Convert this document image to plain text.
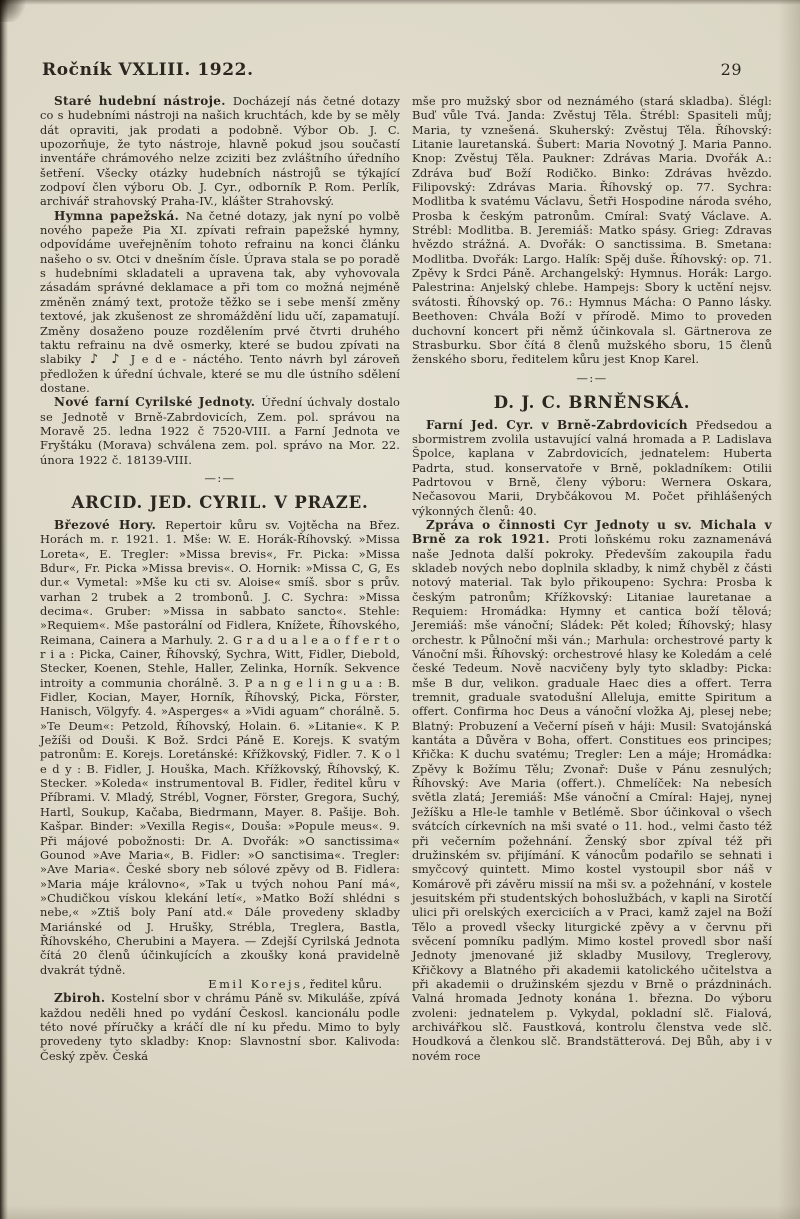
Ročník VXLIII. 1922.	29

Staré hudební nástroje. Docházejí nás četné dotazy co s hudebními nástroji na našich kruchtách, kde by se měly dát opraviti, jak prodati a podobně. Výbor Ob. J. C. upozorňuje, že tyto nástroje, hlavně pokud jsou součastí inventáře chrámového nelze zciziti bez zvláštního úředního šetření. Všecky otázky hudebních nástrojů se týkající zodpoví člen výboru Ob. J. Cyr., odborník P. Rom. Perlík, archivář strahovský Praha-IV., klášter Strahovský.

Hymna papežská. Na četné dotazy, jak nyní po volbě nového papeže Pia XI. zpívati refrain papežské hymny, odpovídáme uveřejněním tohoto refrainu na konci článku našeho o sv. Otci v dnešním čísle. Úprava stala se po poradě s hudebními skladateli a upravena tak, aby vyhovovala zásadám správné deklamace a při tom co možná nejméně změněn známý text, protože těžko se i sebe menší změny textové, jak zkušenost ze shromáždění lidu učí, zapamatují. Změny dosaženo pouze rozdělením prvé čtvrti druhého taktu refrainu na dvě osmerky, které se budou zpívati na slabiky ♪ ♪ J e d e - náctého. Tento návrh byl zároveň předložen k úřední úchvale, které se mu dle ústního sdělení dostane.

Nové farní Cyrilské Jednoty. Úřední úchvaly dostalo se Jednotě v Brně-Zabrdovicích, Zem. pol. správou na Moravě 25. ledna 1922 č 7520-VIII. a Farní Jednota ve Fryštáku (Morava) schválena zem. pol. správo na Mor. 22. února 1922 č. 18139-VIII.

—:—
ARCID. JED. CYRIL. V PRAZE.

Březové Hory. Repertoir kůru sv. Vojtěcha na Břez. Horách m. r. 1921. 1. Mše: W. E. Horák-Říhovský. »Missa Loreta«, E. Tregler: »Missa brevis«, Fr. Picka: »Missa Bdur«, Fr. Picka »Missa brevis«. O. Hornik: »Missa C, G, Es dur.« Vymetal: »Mše ku cti sv. Aloise« smíš. sbor s prův. varhan 2 trubek a 2 trombonů. J. C. Sychra: »Missa decima«. Gruber: »Missa in sabbato sancto«. Stehle: »Requiem«. Mše pastorální od Fidlera, Knížete, Říhovského, Reimana, Cainera a Marhuly. 2. G r a d u a l e a o f f e r t o r i a : Picka, Cainer, Říhovský, Sychra, Witt, Fidler, Diebold, Stecker, Koenen, Stehle, Haller, Zelinka, Horník. Sekvence introity a communia chorálně. 3. P a n g e l i n g u a : B. Fidler, Kocian, Mayer, Horník, Říhovský, Picka, Förster, Hanisch, Völgyfy. 4. »Asperges« a »Vidi aguam“ chorálně. 5. »Te Deum«: Petzold, Říhovský, Holain. 6. »Litanie«. K P. Ježíši od Douši. K Bož. Srdci Páně E. Korejs. K svatým patronům: E. Korejs. Loretánské: Křížkovský, Fidler. 7. K o l e d y : B. Fidler, J. Houška, Mach. Křížkovský, Říhovský, K. Stecker. »Koleda« instrumentoval B. Fidler, ředitel kůru v Příbrami. V. Mladý, Strébl, Vogner, Förster, Gregora, Suchý, Hartl, Soukup, Kačaba, Biedrmann, Mayer. 8. Pašije. Boh. Kašpar. Binder: »Vexilla Regis«, Douša: »Popule meus«. 9. Při májové pobožnosti: Dr. A. Dvořák: »O sanctissima« Gounod »Ave Maria«, B. Fidler: »O sanctisima«. Tregler: »Ave Maria«. České sbory neb sólové zpěvy od B. Fidlera: »Maria máje královno«, »Tak u tvých nohou Paní má«, »Chudičkou vískou klekání letí«, »Matko Boží shlédni s nebe,« »Ztiš boly Paní atd.« Dále provedeny skladby Mariánské od J. Hrušky, Strébla, Treglera, Bastla, Říhovského, Cherubini a Mayera. — Zdejší Cyrilská Jednota čítá 20 členů účinkujících a zkoušky koná pravidelně dvakrát týdně.

Emil Korejs, ředitel kůru.

Zbiroh. Kostelní sbor v chrámu Páně sv. Mikuláše, zpívá každou neděli hned po vydání Českosl. kancionálu podle této nové příručky a kráčí dle ní ku předu. Mimo to byly provedeny tyto skladby: Knop: Slavnostní sbor. Kalivoda: Český zpěv. Česká

mše pro mužský sbor od neznámého (stará skladba). Šlégl: Buď vůle Tvá. Janda: Zvěstuj Těla. Štrébl: Spasiteli můj; Maria, ty vznešená. Skuherský: Zvěstuj Těla. Říhovský: Litanie lauretanská. Šubert: Maria Novotný J. Maria Panno. Knop: Zvěstuj Těla. Paukner: Zdrávas Maria. Dvořák A.: Zdráva buď Boží Rodičko. Binko: Zdrávas hvězdo. Filipovský: Zdrávas Maria. Říhovský op. 77. Sychra: Modlitba k svatému Václavu, Šetři Hospodine národa svého, Prosba k českým patronům. Cmíral: Svatý Václave. A. Strébl: Modlitba. B. Jeremiáš: Matko spásy. Grieg: Zdravas hvězdo strážná. A. Dvořák: O sanctissima. B. Smetana: Modlitba. Dvořák: Largo. Halík: Spěj duše. Říhovský: op. 71. Zpěvy k Srdci Páně. Archangelský: Hymnus. Horák: Largo. Palestrina: Anjelský chlebe. Hampejs: Sbory k uctění nejsv. svátosti. Říhovský op. 76.: Hymnus Mácha: O Panno lásky. Beethoven: Chvála Boží v přírodě. Mimo to proveden duchovní koncert při němž účinkovala sl. Gärtnerova ze Strasburku. Sbor čítá 8 členů mužského sboru, 15 členů ženského sboru, ředitelem kůru jest Knop Karel.

—:—
D. J. C. BRNĚNSKÁ.

Farní Jed. Cyr. v Brně-Zabrdovicích Předsedou a sbormistrem zvolila ustavující valná hromada a P. Ladislava Špolce, kaplana v Zabrdovicích, jednatelem: Huberta Padrta, stud. konservatoře v Brně, pokladníkem: Otilii Padrtovou v Brně, členy výboru: Wernera Oskara, Nečasovou Marii, Drybčákovou M. Počet přihlášených výkonných členů: 40.

Zpráva o činnosti Cyr Jednoty u sv. Michala v Brně za rok 1921. Proti loňskému roku zaznamenává naše Jednota další pokroky. Především zakoupila řadu skladeb nových nebo doplnila skladby, k nimž chyběl z části notový material. Tak bylo přikoupeno: Sychra: Prosba k českým patronům; Křížkovský: Litaniae lauretanae a Requiem: Hromádka: Hymny et cantica boží tělová; Jeremiáš: mše vánoční; Sládek: Pět koled; Říhovský; hlasy orchestr. k Půlnoční mši ván.; Marhula: orchestrové party k Vánoční mši. Říhovský: orchestrové hlasy ke Koledám a celé české Tedeum. Nově nacvičeny byly tyto skladby: Picka: mše B dur, velikon. graduale Haec dies a offert. Terra tremnit, graduale svatodušní Alleluja, emitte Spiritum a offert. Confirma hoc Deus a vánoční vložka Aj, plesej nebe; Blatný: Probuzení a Večerní píseň v háji: Musil: Svatojánská kantáta a Důvěra v Boha, offert. Constitues eos principes; Křička: K duchu svatému; Tregler: Len a máje; Hromádka: Zpěvy k Božímu Tělu; Zvonař: Duše v Pánu zesnulých; Říhovský: Ave Maria (offert.). Chmelíček: Na nebesích světla zlatá; Jeremiáš: Mše vánoční a Cmíral: Hajej, nynej Ježíšku a Hle-le tamhle v Betlémě. Sbor účinkoval o všech svátcích církevních na mši svaté o 11. hod., velmi často též při večerním požehnání. Ženský sbor zpíval též při družinském sv. přijímání. K vánocům podařilo se sehnati i smyčcový quintett. Mimo kostel vystoupil sbor náš v Komárově při závěru missií na mši sv. a požehnání, v kostele jesuitském při studentských bohoslužbách, v kapli na Sirotčí ulici při orelských exerciciích a v Praci, kamž zajel na Boží Tělo a provedl všecky liturgické zpěvy a v červnu při svěcení pomníku padlým. Mimo kostel provedl sbor naší Jednoty jmenované již skladby Musilovy, Treglerovy, Křičkovy a Blatného při akademii katolického učitelstva a při akademii o družinském sjezdu v Brně o prázdninách. Valná hromada Jednoty konána 1. března. Do výboru zvoleni: jednatelem p. Vykydal, pokladní slč. Fialová, archivářkou slč. Faustková, kontrolu členstva vede slč. Houdková a členkou slč. Brandstätterová. Dej Bůh, aby i v novém roce
